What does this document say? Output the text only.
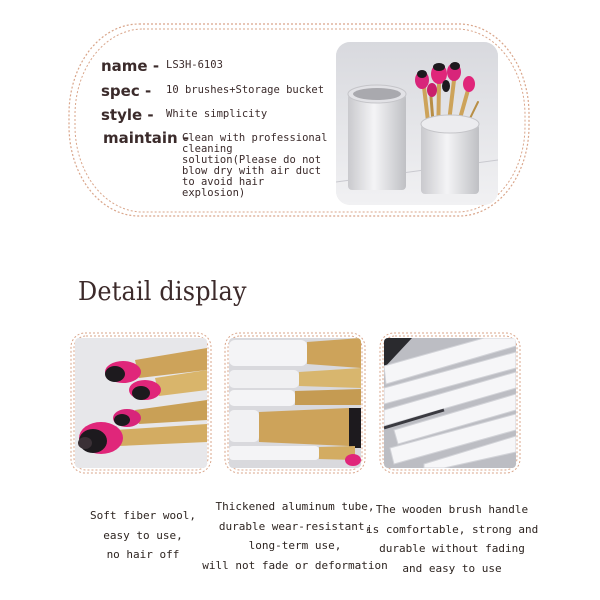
name - LS3H-6103
spec - 10 brushes+Storage bucket
style - White simplicity
maintain -
Clean with professional cleaning solution(Please do not blow dry with air duct to avoid hair explosion)
Detail display
Soft fiber wool,
easy to use,
no hair off
Thickened aluminum tube,
durable wear-resistant,
long-term use,
will not fade or deformation
The wooden brush handle
is comfortable, strong and
durable without fading
and easy to use
